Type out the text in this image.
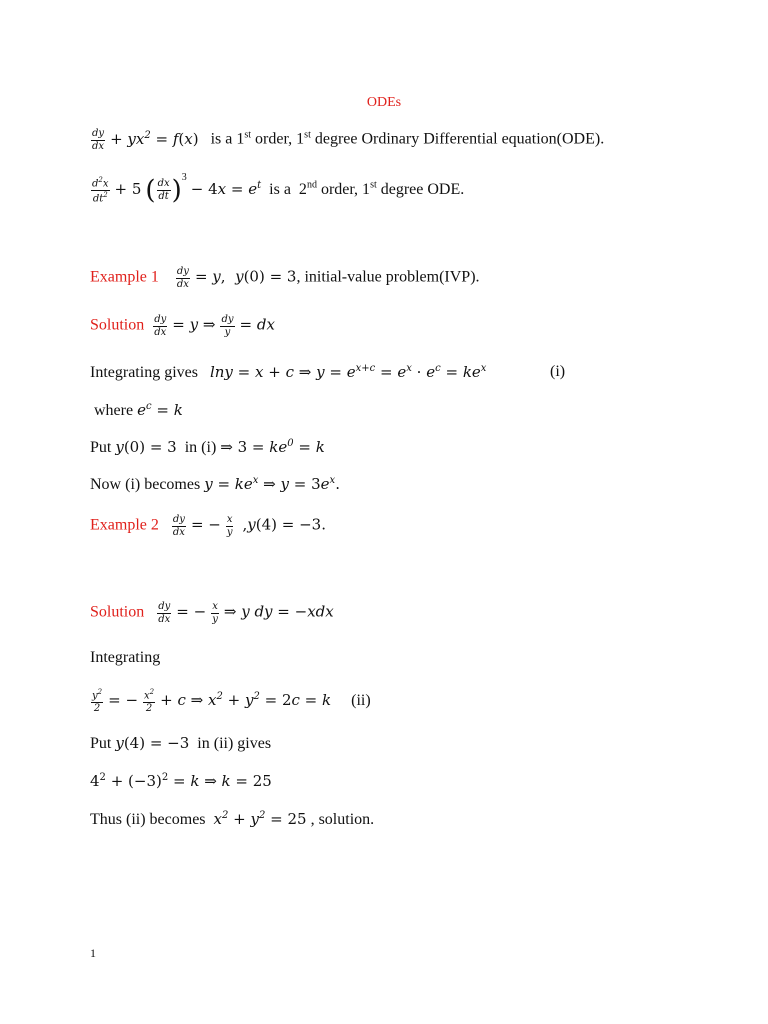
ODEs
$\frac{dy}{dx} + yx^2 = f(x)$   is a 1st order, 1st degree Ordinary Differential equation(ODE).
$\frac{d^2x}{dt^2} + 5$ ( $\frac{dx}{dt} )^3 - 4x = e^t$  is a  2nd order, 1st degree ODE.
Example $1 \frac{dy}{dx} = y$,  y(0) = 3, initial-value problem(IVP).
Solution $\frac{dy}{dx} = y$ ⇒ $\frac{dy}{y}$ = dx
Integrating gives lny = x + c ⇒ $y = e^{x+c} = e^x \cdot e^c = ke^x$	(i)
where $e^c = k$
Put y(0) = 3 in (i) ⇒ $3 = ke^0 = k$
Now (i) becomes $y = ke^x$ ⇒ $y = 3e^x$.
Example $2 \frac{dy}{dx}$ = − $\frac{x}{y} ,y(4) = -3$.
Solution $\frac{dy}{dx}$ = − $\frac{x}{y}$ ⇒ y dy = −xdx
Integrating
$\frac{y^2}{2}$ = − $\frac{x^2}{2} + c$ ⇒ $x^2 + y^2 = 2c = k$ (ii)
Put y(4) = −3 in (ii) gives
$4^2 + (-3)^2 = k$ ⇒ k = 25
Thus (ii) becomes $x^2 + y^2 = 25$ , solution.
1
